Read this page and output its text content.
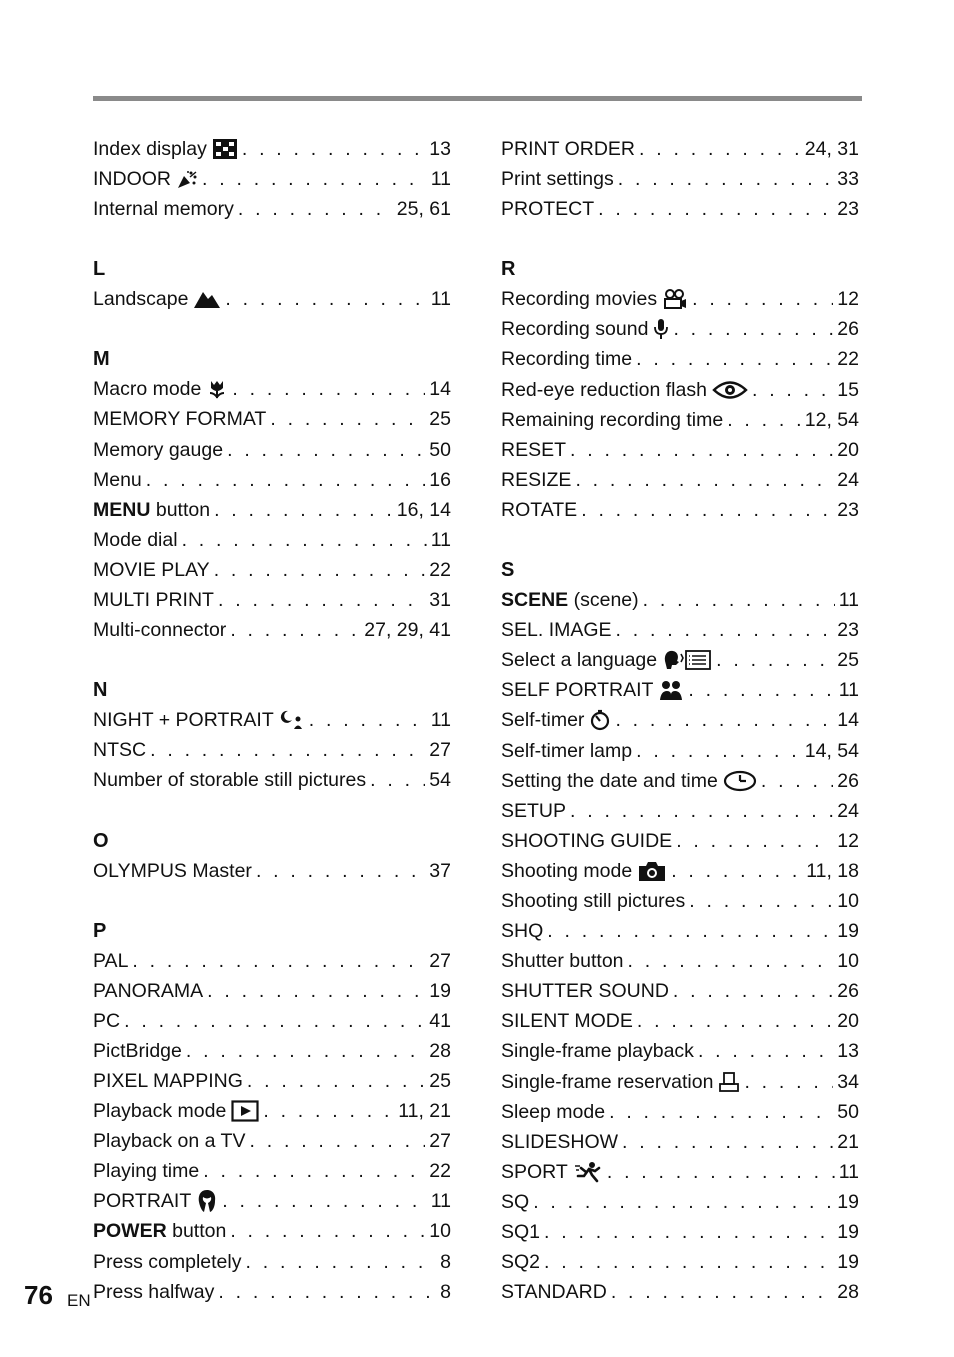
Index display . . .	13
INDOOR . . .	11
Internal memory . . .	25, 61
L
Landscape . . .	11
M
Macro mode . . .	14
MEMORY FORMAT . . .	25
Memory gauge . . .	50
Menu . . .	16
MENU button . . .	16, 14
Mode dial . . .	11
MOVIE PLAY . . .	22
MULTI PRINT . . .	31
Multi-connector . . .	27, 29, 41
N
NIGHT + PORTRAIT . . .	11
NTSC . . .	27
Number of storable still pictures . . .	54
O
OLYMPUS Master . . .	37
P
PAL . . .	27
PANORAMA . . .	19
PC . . .	41
PictBridge . . .	28
PIXEL MAPPING . . .	25
Playback mode . . .	11, 21
Playback on a TV . . .	27
Playing time . . .	22
PORTRAIT . . .	11
POWER button . . .	10
Press completely . . .	8
Press halfway . . .	8
PRINT ORDER . . .	24, 31
Print settings . . .	33
PROTECT . . .	23
R
Recording movies . . .	12
Recording sound . . .	26
Recording time . . .	22
Red-eye reduction flash . . .	15
Remaining recording time . . .	12, 54
RESET . . .	20
RESIZE . . .	24
ROTATE . . .	23
S
SCENE (scene) . . .	11
SEL. IMAGE . . .	23
Select a language . . .	25
SELF PORTRAIT . . .	11
Self-timer . . .	14
Self-timer lamp . . .	14, 54
Setting the date and time . . .	26
SETUP . . .	24
SHOOTING GUIDE . . .	12
Shooting mode . . .	11, 18
Shooting still pictures . . .	10
SHQ . . .	19
Shutter button . . .	10
SHUTTER SOUND . . .	26
SILENT MODE . . .	20
Single-frame playback . . .	13
Single-frame reservation . . .	34
Sleep mode . . .	50
SLIDESHOW . . .	21
SPORT . . .	11
SQ . . .	19
SQ1 . . .	19
SQ2 . . .	19
STANDARD . . .	28
76 EN
